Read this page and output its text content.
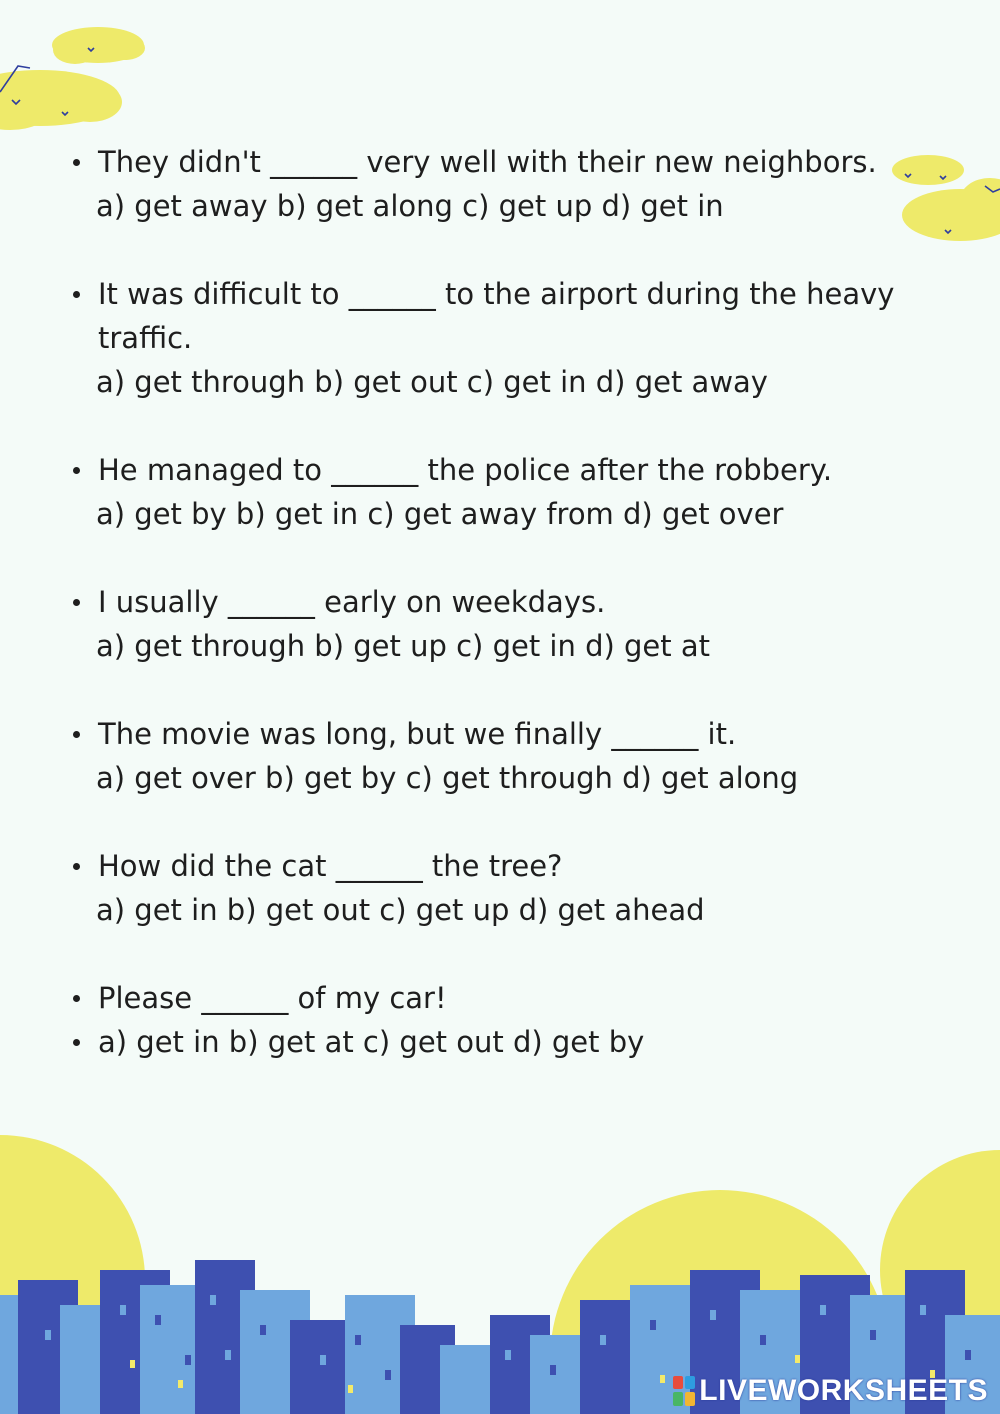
They didn't ______ very well with their new neighbors.
a) get away b) get along c) get up d) get in
It was difficult to ______ to the airport during the heavy
traffic.
a) get through b) get out c) get in d) get away
He managed to ______ the police after the robbery.
a) get by b) get in c) get away from d) get over
I usually ______ early on weekdays.
a) get through b) get up c) get in d) get at
The movie was long, but we finally ______ it.
a) get over b) get by c) get through d) get along
How did the cat ______ the tree?
a) get in b) get out c) get up d) get ahead
Please ______ of my car!
a) get in b) get at c) get out d) get by
LIVEWORKSHEETS
